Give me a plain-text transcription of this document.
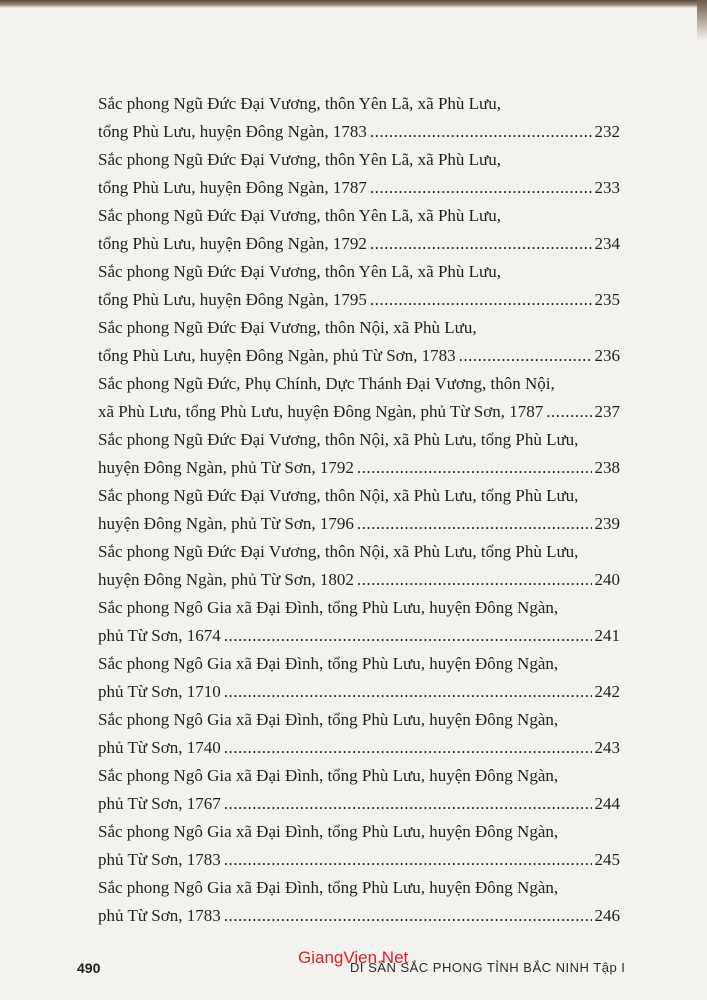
Sắc phong Ngũ Đức Đại Vương, thôn Yên Lã, xã Phù Lưu,
tổng Phù Lưu, huyện Đông Ngàn, 1783 .....	232
Sắc phong Ngũ Đức Đại Vương, thôn Yên Lã, xã Phù Lưu,
tổng Phù Lưu, huyện Đông Ngàn, 1787 .....	233
Sắc phong Ngũ Đức Đại Vương, thôn Yên Lã, xã Phù Lưu,
tổng Phù Lưu, huyện Đông Ngàn, 1792 .....	234
Sắc phong Ngũ Đức Đại Vương, thôn Yên Lã, xã Phù Lưu,
tổng Phù Lưu, huyện Đông Ngàn, 1795 .....	235
Sắc phong Ngũ Đức Đại Vương, thôn Nội, xã Phù Lưu,
tổng Phù Lưu, huyện Đông Ngàn, phủ Từ Sơn, 1783 .....	236
Sắc phong Ngũ Đức, Phụ Chính, Dực Thánh Đại Vương, thôn Nội,
xã Phù Lưu, tổng Phù Lưu, huyện Đông Ngàn, phủ Từ Sơn, 1787 .....	237
Sắc phong Ngũ Đức Đại Vương, thôn Nội, xã Phù Lưu, tổng Phù Lưu,
huyện Đông Ngàn, phủ Từ Sơn, 1792 .....	238
Sắc phong Ngũ Đức Đại Vương, thôn Nội, xã Phù Lưu, tổng Phù Lưu,
huyện Đông Ngàn, phủ Từ Sơn, 1796 .....	239
Sắc phong Ngũ Đức Đại Vương, thôn Nội, xã Phù Lưu, tổng Phù Lưu,
huyện Đông Ngàn, phủ Từ Sơn, 1802 .....	240
Sắc phong Ngô Gia xã Đại Đình, tổng Phù Lưu, huyện Đông Ngàn,
phủ Từ Sơn, 1674 .....	241
Sắc phong Ngô Gia xã Đại Đình, tổng Phù Lưu, huyện Đông Ngàn,
phủ Từ Sơn, 1710 .....	242
Sắc phong Ngô Gia xã Đại Đình, tổng Phù Lưu, huyện Đông Ngàn,
phủ Từ Sơn, 1740 .....	243
Sắc phong Ngô Gia xã Đại Đình, tổng Phù Lưu, huyện Đông Ngàn,
phủ Từ Sơn, 1767 .....	244
Sắc phong Ngô Gia xã Đại Đình, tổng Phù Lưu, huyện Đông Ngàn,
phủ Từ Sơn, 1783 .....	245
Sắc phong Ngô Gia xã Đại Đình, tổng Phù Lưu, huyện Đông Ngàn,
phủ Từ Sơn, 1783 .....	246
490	DI SẢN SẮC PHONG TỈNH BẮC NINH Tập I
GiangVien.Net
